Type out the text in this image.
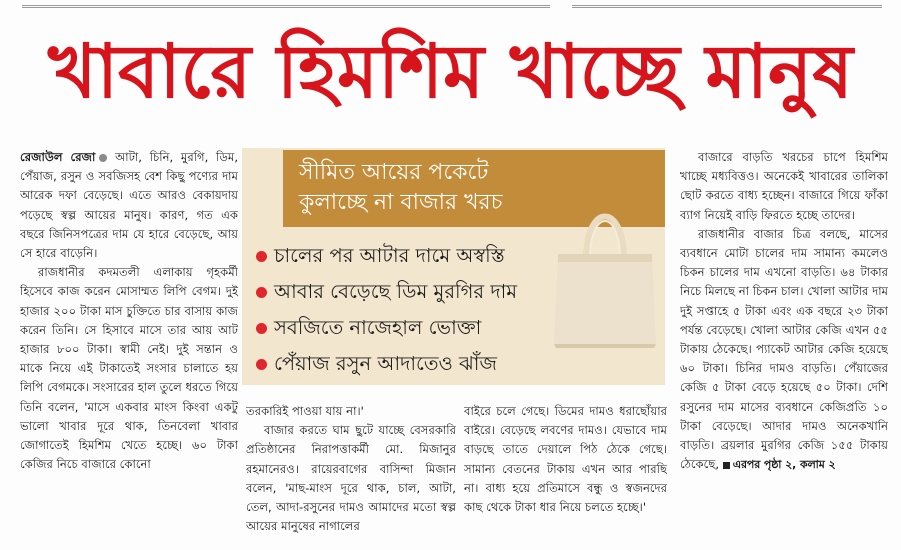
খাবারে হিমশিম খাচ্ছে মানুষ

রেজাউল রেজা আটা, চিনি, মুরগি, ডিম, পেঁয়াজ, রসুন ও সবজিসহ বেশ কিছু পণ্যের দাম আরেক দফা বেড়েছে। এতে আরও বেকায়দায় পড়েছে স্বল্প আয়ের মানুষ। কারণ, গত এক বছরে জিনিসপত্রের দাম যে হারে বেড়েছে, আয় সে হারে বাড়েনি।

রাজধানীর কদমতলী এলাকায় গৃহকর্মী হিসেবে কাজ করেন মোসাম্মত লিপি বেগম। দুই হাজার ২০০ টাকা মাস চুক্তিতে চার বাসায় কাজ করেন তিনি। সে হিসাবে মাসে তার আয় আট হাজার ৮০০ টাকা। স্বামী নেই। দুই সন্তান ও মাকে নিয়ে এই টাকাতেই সংসার চালাতে হয় লিপি বেগমকে। সংসারের হাল তুলে ধরতে গিয়ে তিনি বলেন, 'মাসে একবার মাংস কিংবা একটু ভালো খাবার দূরে থাক, তিনবেলা খাবার জোগাতেই হিমশিম খেতে হচ্ছে। ৬০ টাকা কেজির নিচে বাজারে কোনো

সীমিত আয়ের পকেটে
কুলাচ্ছে না বাজার খরচ
চালের পর আটার দামে অস্বস্তি
আবার বেড়েছে ডিম মুরগির দাম
সবজিতে নাজেহাল ভোক্তা
পেঁয়াজ রসুন আদাতেও ঝাঁজ

তরকারিই পাওয়া যায় না।'

বাজার করতে ঘাম ছুটে যাচ্ছে বেসরকারি প্রতিষ্ঠানের নিরাপত্তাকর্মী মো. মিজানুর রহমানেরও। রায়েরবাগের বাসিন্দা মিজান বলেন, 'মাছ-মাংস দূরে থাক, চাল, আটা, তেল, আদা-রসুনের দামও আমাদের মতো স্বল্প আয়ের মানুষের নাগালের

বাইরে চলে গেছে। ডিমের দামও ধরাছোঁয়ার বাইরে। বেড়েছে লবণের দামও। যেভাবে দাম বাড়ছে তাতে দেয়ালে পিঠ ঠেকে গেছে। সামান্য বেতনের টাকায় এখন আর পারছি না। বাধ্য হয়ে প্রতিমাসে বন্ধু ও স্বজনদের কাছ থেকে টাকা ধার নিয়ে চলতে হচ্ছে।'

বাজারে বাড়তি খরচের চাপে হিমশিম খাচ্ছে মধ্যবিত্তও। অনেকেই খাবারের তালিকা ছোট করতে বাধ্য হচ্ছেন। বাজারে গিয়ে ফাঁকা ব্যাগ নিয়েই বাড়ি ফিরতে হচ্ছে তাদের।

রাজধানীর বাজার চিত্র বলছে, মাসের ব্যবধানে মোটা চালের দাম সামান্য কমলেও চিকন চালের দাম এখনো বাড়তি। ৬৪ টাকার নিচে মিলছে না চিকন চাল। খোলা আটার দাম দুই সপ্তাহে ৫ টাকা এবং এক বছরে ২৩ টাকা পর্যন্ত বেড়েছে। খোলা আটার কেজি এখন ৫৫ টাকায় ঠেকেছে। প্যাকেট আটার কেজি হয়েছে ৬০ টাকা। চিনির দামও বাড়তি। পেঁয়াজের কেজি ৫ টাকা বেড়ে হয়েছে ৫০ টাকা। দেশি রসুনের দাম মাসের ব্যবধানে কেজিপ্রতি ১০ টাকা বেড়েছে। আদার দামও অনেকখানি বাড়তি। ব্রয়লার মুরগির কেজি ১৫৫ টাকায় ঠেকেছে, এরপর পৃষ্ঠা ২, কলাম ২
